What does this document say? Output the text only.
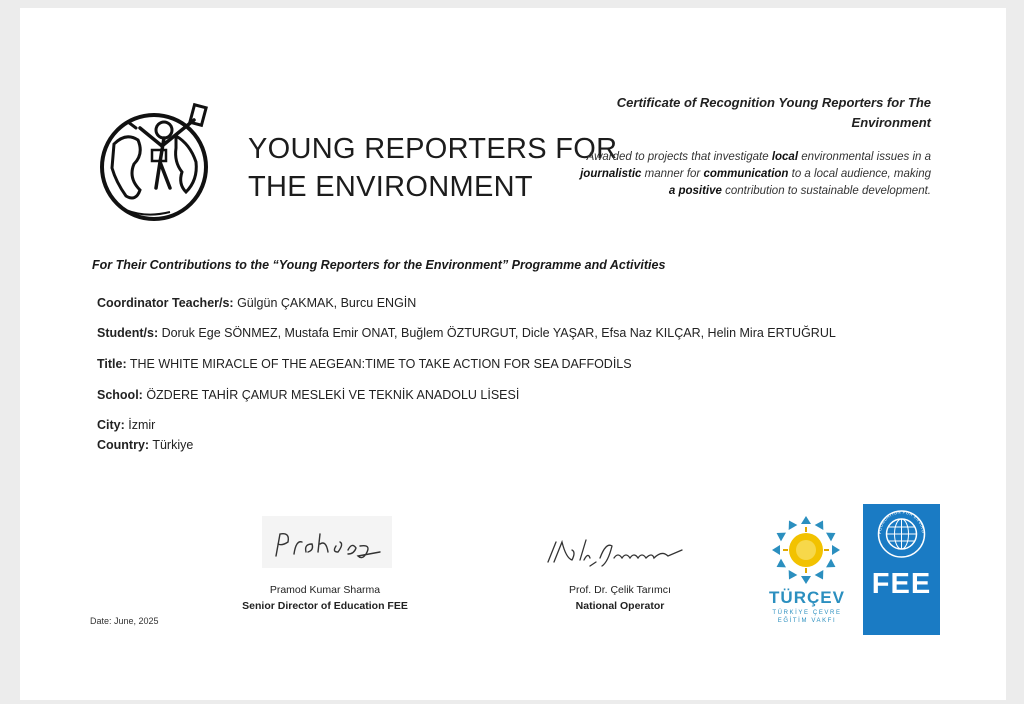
YOUNG REPORTERS FOR
THE ENVIRONMENT
Certificate of Recognition Young Reporters for The Environment
Awarded to projects that investigate local environmental issues in a journalistic manner for communication to a local audience, making a positive contribution to sustainable development.
For Their Contributions to the “Young Reporters for the Environment” Programme and Activities
Coordinator Teacher/s: Gülgün ÇAKMAK, Burcu ENGİN
Student/s: Doruk Ege SÖNMEZ, Mustafa Emir ONAT, Buğlem ÖZTURGUT, Dicle YAŞAR, Efsa Naz KILÇAR, Helin Mira ERTUĞRUL
Title: THE WHITE MIRACLE OF THE AEGEAN:TIME TO TAKE ACTION FOR SEA DAFFODİLS
School: ÖZDERE TAHİR ÇAMUR MESLEKİ VE TEKNİK ANADOLU LİSESİ
City: İzmir
Country: Türkiye
Pramod Kumar Sharma
Senior Director of Education FEE
Prof. Dr. Çelik Tarımcı
National Operator
Date: June, 2025
TÜRÇEV
TÜRKİYE ÇEVRE
EĞİTİM VAKFI
FOUNDATION FOR ENVIRO
FEE
